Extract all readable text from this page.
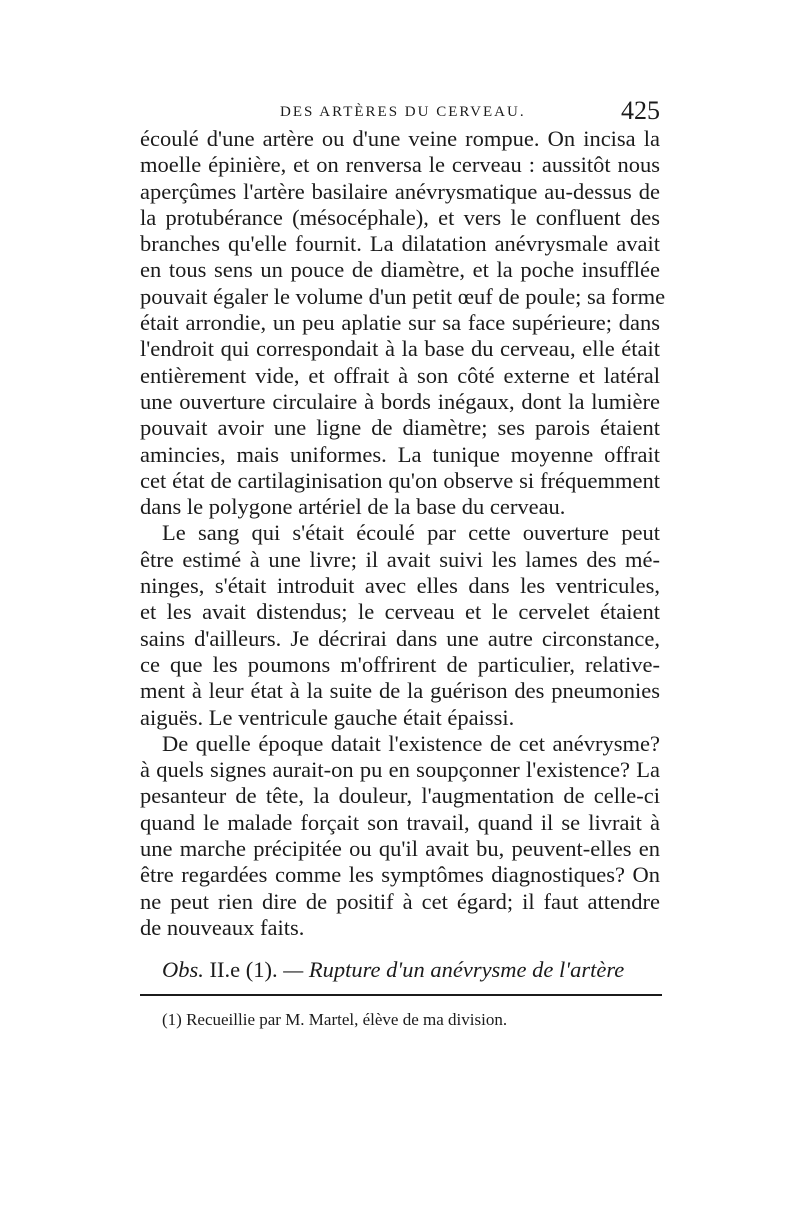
DES ARTÈRES DU CERVEAU.	425
écoulé d'une artère ou d'une veine rompue. On incisa la
moelle épinière, et on renversa le cerveau : aussitôt nous
aperçûmes l'artère basilaire anévrysmatique au-dessus de
la protubérance (mésocéphale), et vers le confluent des
branches qu'elle fournit. La dilatation anévrysmale avait
en tous sens un pouce de diamètre, et la poche insufflée
pouvait égaler le volume d'un petit œuf de poule; sa forme
était arrondie, un peu aplatie sur sa face supérieure; dans
l'endroit qui correspondait à la base du cerveau, elle était
entièrement vide, et offrait à son côté externe et latéral
une ouverture circulaire à bords inégaux, dont la lumière
pouvait avoir une ligne de diamètre; ses parois étaient
amincies, mais uniformes. La tunique moyenne offrait
cet état de cartilaginisation qu'on observe si fréquemment
dans le polygone artériel de la base du cerveau.
Le sang qui s'était écoulé par cette ouverture peut
être estimé à une livre; il avait suivi les lames des mé-
ninges, s'était introduit avec elles dans les ventricules,
et les avait distendus; le cerveau et le cervelet étaient
sains d'ailleurs. Je décrirai dans une autre circonstance,
ce que les poumons m'offrirent de particulier, relative-
ment à leur état à la suite de la guérison des pneumonies
aiguës. Le ventricule gauche était épaissi.
De quelle époque datait l'existence de cet anévrysme?
à quels signes aurait-on pu en soupçonner l'existence? La
pesanteur de tête, la douleur, l'augmentation de celle-ci
quand le malade forçait son travail, quand il se livrait à
une marche précipitée ou qu'il avait bu, peuvent-elles en
être regardées comme les symptômes diagnostiques? On
ne peut rien dire de positif à cet égard; il faut attendre
de nouveaux faits.
Obs. II.e (1). — Rupture d'un anévrysme de l'artère
(1) Recueillie par M. Martel, élève de ma division.
